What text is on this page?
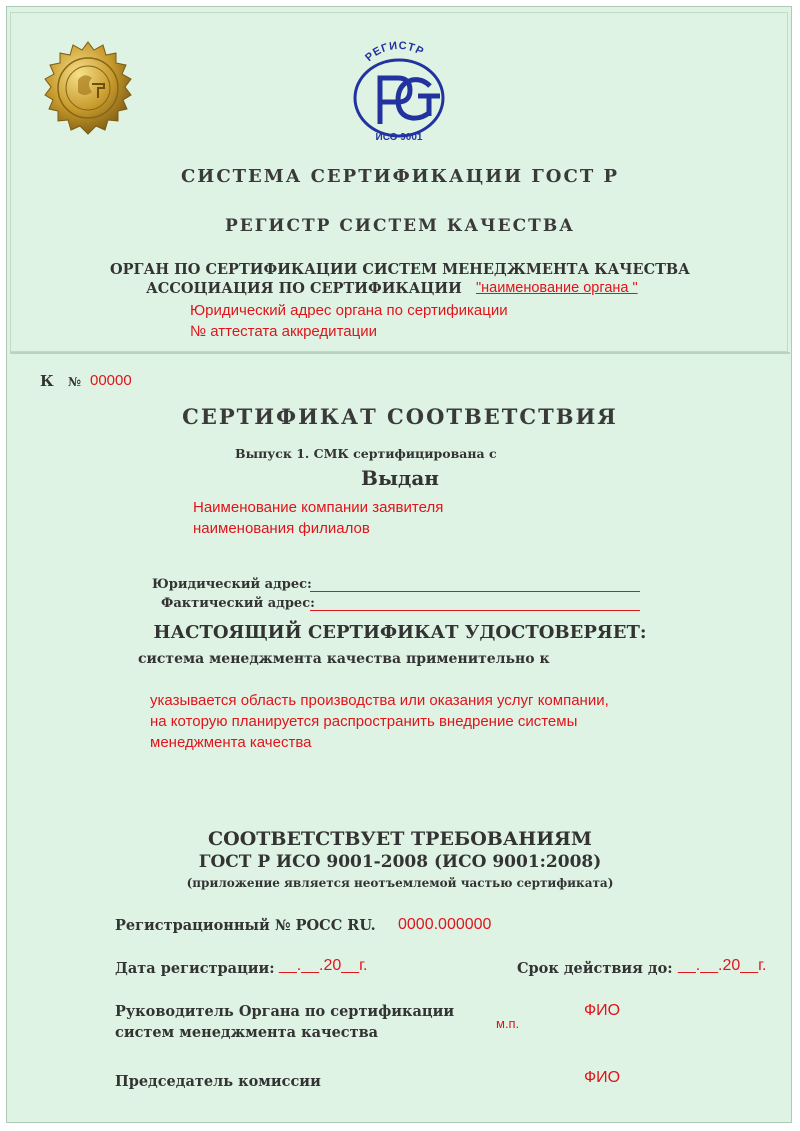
РЕГИСТР
ИСО 9001
СИСТЕМА СЕРТИФИКАЦИИ ГОСТ Р
РЕГИСТР СИСТЕМ КАЧЕСТВА
ОРГАН ПО СЕРТИФИКАЦИИ СИСТЕМ МЕНЕДЖМЕНТА КАЧЕСТВА
АССОЦИАЦИЯ ПО СЕРТИФИКАЦИИ "наименование органа "
Юридический адрес органа по сертификации
№ аттестата аккредитации
К № 00000
СЕРТИФИКАТ СООТВЕТСТВИЯ
Выпуск 1. СМК сертифицирована с
Выдан
Наименование компании заявителя
наименования филиалов
Юридический адрес:
Фактический адрес:
НАСТОЯЩИЙ СЕРТИФИКАТ УДОСТОВЕРЯЕТ:
система менеджмента качества применительно к
указывается область производства или оказания услуг компании,
на которую планируется распространить внедрение системы
менеджмента качества
СООТВЕТСТВУЕТ ТРЕБОВАНИЯМ
ГОСТ Р ИСО 9001-2008 (ИСО 9001:2008)
(приложение является неотъемлемой частью сертификата)
Регистрационный № РОСС RU. 0000.000000
Дата регистрации: __.__.20__г.	Срок действия до: __.__.20__г.
Руководитель Органа по сертификации
систем менеджмента качества
м.п.
ФИО
Председатель комиссии	ФИО
